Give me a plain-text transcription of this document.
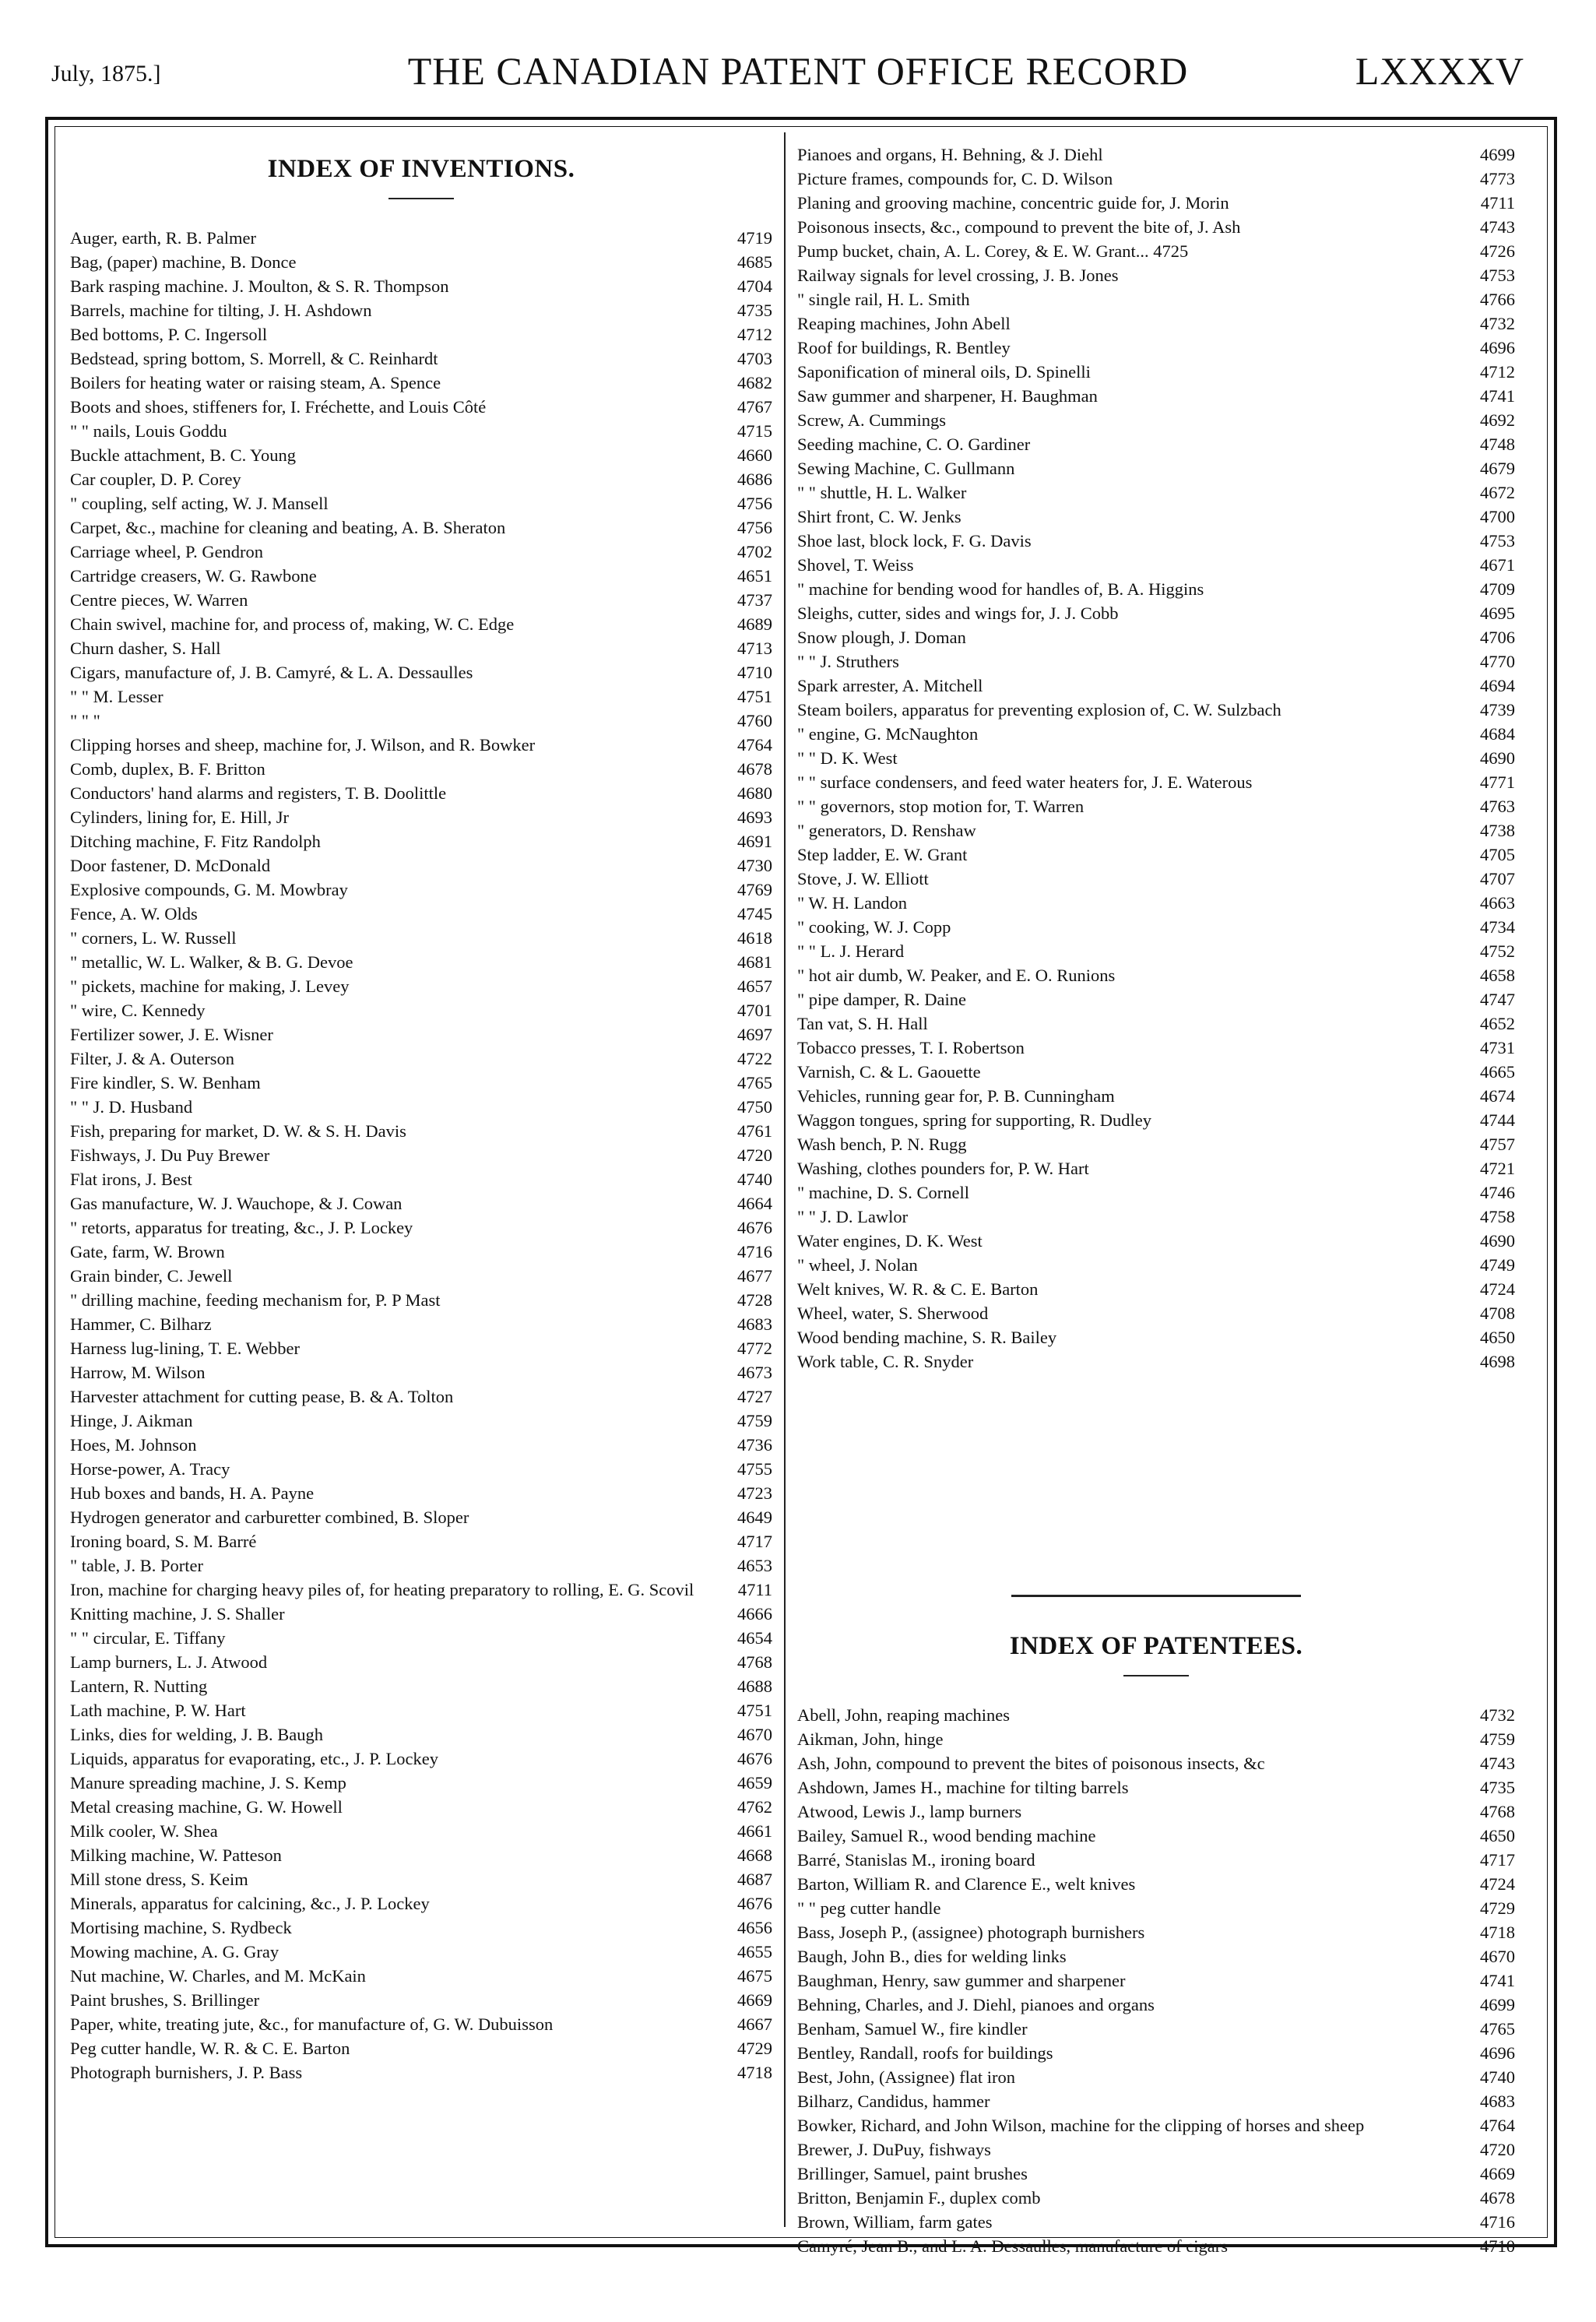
July, 1875.]	THE CANADIAN PATENT OFFICE RECORD	LXXXXV
INDEX OF INVENTIONS.
Auger, earth, R. B. Palmer	4719
Bag, (paper) machine, B. Donce	4685
Bark rasping machine. J. Moulton, & S. R. Thompson	4704
Barrels, machine for tilting, J. H. Ashdown	4735
Bed bottoms, P. C. Ingersoll	4712
Bedstead, spring bottom, S. Morrell, & C. Reinhardt	4703
Boilers for heating water or raising steam, A. Spence	4682
Boots and shoes, stiffeners for, I. Fréchette, and Louis Côté	4767
" " nails, Louis Goddu	4715
Buckle attachment, B. C. Young	4660
Car coupler, D. P. Corey	4686
" coupling, self acting, W. J. Mansell	4756
Carpet, &c., machine for cleaning and beating, A. B. Sheraton	4756
Carriage wheel, P. Gendron	4702
Cartridge creasers, W. G. Rawbone	4651
Centre pieces, W. Warren	4737
Chain swivel, machine for, and process of, making, W. C. Edge	4689
Churn dasher, S. Hall	4713
Cigars, manufacture of, J. B. Camyré, & L. A. Dessaulles	4710
" " M. Lesser	4751
" " "	4760
Clipping horses and sheep, machine for, J. Wilson, and R. Bowker	4764
Comb, duplex, B. F. Britton	4678
Conductors' hand alarms and registers, T. B. Doolittle	4680
Cylinders, lining for, E. Hill, Jr	4693
Ditching machine, F. Fitz Randolph	4691
Door fastener, D. McDonald	4730
Explosive compounds, G. M. Mowbray	4769
Fence, A. W. Olds	4745
" corners, L. W. Russell	4618
" metallic, W. L. Walker, & B. G. Devoe	4681
" pickets, machine for making, J. Levey	4657
" wire, C. Kennedy	4701
Fertilizer sower, J. E. Wisner	4697
Filter, J. & A. Outerson	4722
Fire kindler, S. W. Benham	4765
" " J. D. Husband	4750
Fish, preparing for market, D. W. & S. H. Davis	4761
Fishways, J. Du Puy Brewer	4720
Flat irons, J. Best	4740
Gas manufacture, W. J. Wauchope, & J. Cowan	4664
" retorts, apparatus for treating, &c., J. P. Lockey	4676
Gate, farm, W. Brown	4716
Grain binder, C. Jewell	4677
" drilling machine, feeding mechanism for, P. P Mast	4728
Hammer, C. Bilharz	4683
Harness lug-lining, T. E. Webber	4772
Harrow, M. Wilson	4673
Harvester attachment for cutting pease, B. & A. Tolton	4727
Hinge, J. Aikman	4759
Hoes, M. Johnson	4736
Horse-power, A. Tracy	4755
Hub boxes and bands, H. A. Payne	4723
Hydrogen generator and carburetter combined, B. Sloper	4649
Ironing board, S. M. Barré	4717
" table, J. B. Porter	4653
Iron, machine for charging heavy piles of, for heating preparatory to rolling, E. G. Scovil	4711
Knitting machine, J. S. Shaller	4666
" " circular, E. Tiffany	4654
Lamp burners, L. J. Atwood	4768
Lantern, R. Nutting	4688
Lath machine, P. W. Hart	4751
Links, dies for welding, J. B. Baugh	4670
Liquids, apparatus for evaporating, etc., J. P. Lockey	4676
Manure spreading machine, J. S. Kemp	4659
Metal creasing machine, G. W. Howell	4762
Milk cooler, W. Shea	4661
Milking machine, W. Patteson	4668
Mill stone dress, S. Keim	4687
Minerals, apparatus for calcining, &c., J. P. Lockey	4676
Mortising machine, S. Rydbeck	4656
Mowing machine, A. G. Gray	4655
Nut machine, W. Charles, and M. McKain	4675
Paint brushes, S. Brillinger	4669
Paper, white, treating jute, &c., for manufacture of, G. W. Dubuisson	4667
Peg cutter handle, W. R. & C. E. Barton	4729
Photograph burnishers, J. P. Bass	4718
Pianoes and organs, H. Behning, & J. Diehl	4699
Picture frames, compounds for, C. D. Wilson	4773
Planing and grooving machine, concentric guide for, J. Morin	4711
Poisonous insects, &c., compound to prevent the bite of, J. Ash	4743
Pump bucket, chain, A. L. Corey, & E. W. Grant... 4725	4726
Railway signals for level crossing, J. B. Jones	4753
" single rail, H. L. Smith	4766
Reaping machines, John Abell	4732
Roof for buildings, R. Bentley	4696
Saponification of mineral oils, D. Spinelli	4712
Saw gummer and sharpener, H. Baughman	4741
Screw, A. Cummings	4692
Seeding machine, C. O. Gardiner	4748
Sewing Machine, C. Gullmann	4679
" " shuttle, H. L. Walker	4672
Shirt front, C. W. Jenks	4700
Shoe last, block lock, F. G. Davis	4753
Shovel, T. Weiss	4671
" machine for bending wood for handles of, B. A. Higgins	4709
Sleighs, cutter, sides and wings for, J. J. Cobb	4695
Snow plough, J. Doman	4706
" " J. Struthers	4770
Spark arrester, A. Mitchell	4694
Steam boilers, apparatus for preventing explosion of, C. W. Sulzbach	4739
" engine, G. McNaughton	4684
" " D. K. West	4690
" " surface condensers, and feed water heaters for, J. E. Waterous	4771
" " governors, stop motion for, T. Warren	4763
" generators, D. Renshaw	4738
Step ladder, E. W. Grant	4705
Stove, J. W. Elliott	4707
" W. H. Landon	4663
" cooking, W. J. Copp	4734
" " L. J. Herard	4752
" hot air dumb, W. Peaker, and E. O. Runions	4658
" pipe damper, R. Daine	4747
Tan vat, S. H. Hall	4652
Tobacco presses, T. I. Robertson	4731
Varnish, C. & L. Gaouette	4665
Vehicles, running gear for, P. B. Cunningham	4674
Waggon tongues, spring for supporting, R. Dudley	4744
Wash bench, P. N. Rugg	4757
Washing, clothes pounders for, P. W. Hart	4721
" machine, D. S. Cornell	4746
" " J. D. Lawlor	4758
Water engines, D. K. West	4690
" wheel, J. Nolan	4749
Welt knives, W. R. & C. E. Barton	4724
Wheel, water, S. Sherwood	4708
Wood bending machine, S. R. Bailey	4650
Work table, C. R. Snyder	4698
INDEX OF PATENTEES.
Abell, John, reaping machines	4732
Aikman, John, hinge	4759
Ash, John, compound to prevent the bites of poisonous insects, &c	4743
Ashdown, James H., machine for tilting barrels	4735
Atwood, Lewis J., lamp burners	4768
Bailey, Samuel R., wood bending machine	4650
Barré, Stanislas M., ironing board	4717
Barton, William R. and Clarence E., welt knives	4724
" " peg cutter handle	4729
Bass, Joseph P., (assignee) photograph burnishers	4718
Baugh, John B., dies for welding links	4670
Baughman, Henry, saw gummer and sharpener	4741
Behning, Charles, and J. Diehl, pianoes and organs	4699
Benham, Samuel W., fire kindler	4765
Bentley, Randall, roofs for buildings	4696
Best, John, (Assignee) flat iron	4740
Bilharz, Candidus, hammer	4683
Bowker, Richard, and John Wilson, machine for the clipping of horses and sheep	4764
Brewer, J. DuPuy, fishways	4720
Brillinger, Samuel, paint brushes	4669
Britton, Benjamin F., duplex comb	4678
Brown, William, farm gates	4716
Camyré, Jean B., and L. A. Dessaulles, manufacture of cigars	4710
